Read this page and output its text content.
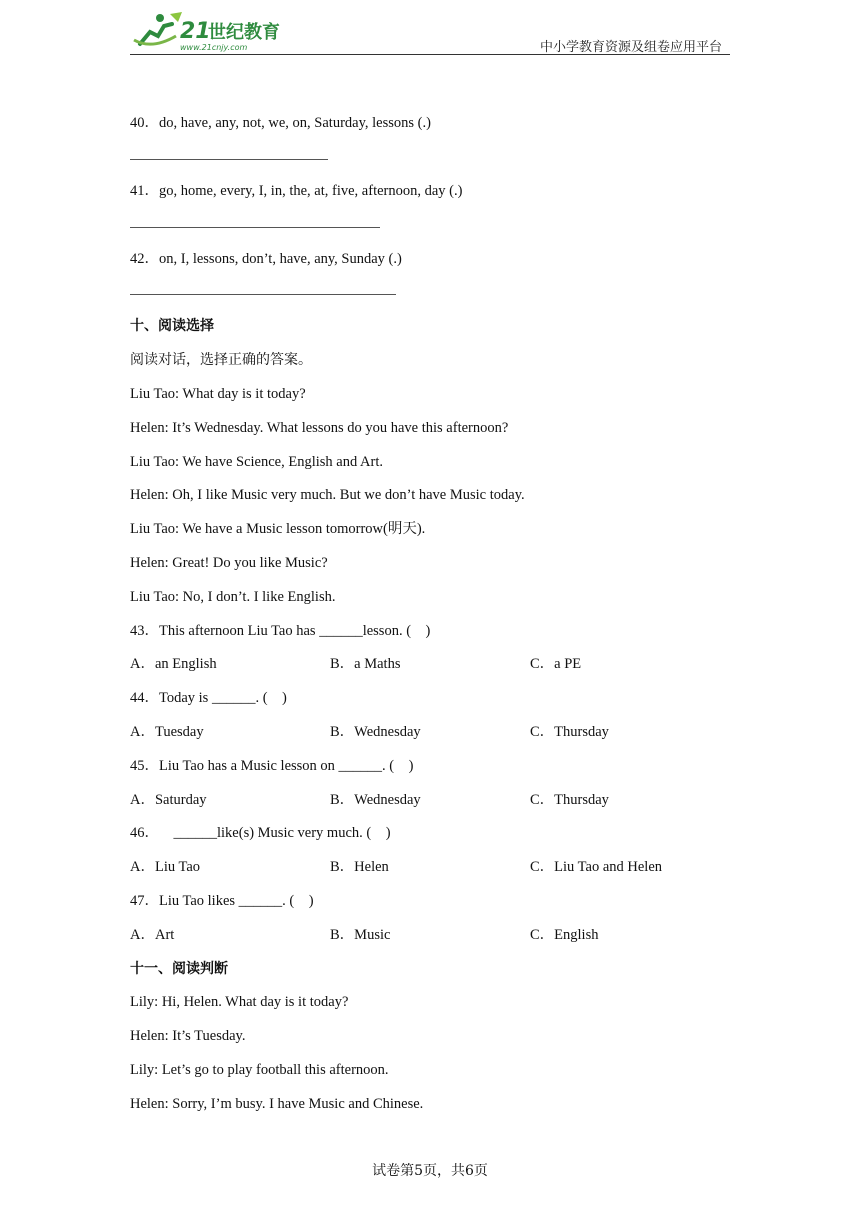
21
世纪教育
www.21cnjy.com	中小学教育资源及组卷应用平台
40．do, have, any, not, we, on, Saturday, lessons (.)
41．go, home, every, I, in, the, at, five, afternoon, day (.)
42．on, I, lessons, don’t, have, any, Sunday (.)
十、阅读选择
阅读对话，选择正确的答案。
Liu Tao: What day is it today?
Helen: It’s Wednesday. What lessons do you have this afternoon?
Liu Tao: We have Science, English and Art.
Helen: Oh, I like Music very much. But we don’t have Music today.
Liu Tao: We have a Music lesson tomorrow(明天).
Helen: Great! Do you like Music?
Liu Tao: No, I don’t. I like English.
43．This afternoon Liu Tao has ______lesson. (    )
A．an English	B．a Maths	C．a PE
44．Today is ______. (    )
A．Tuesday	B．Wednesday	C．Thursday
45．Liu Tao has a Music lesson on ______. (    )
A．Saturday	B．Wednesday	C．Thursday
46．    ______like(s) Music very much. (    )
A．Liu Tao	B．Helen	C．Liu Tao and Helen
47．Liu Tao likes ______. (    )
A．Art	B．Music	C．English
十一、阅读判断
Lily: Hi, Helen. What day is it today?
Helen: It’s Tuesday.
Lily: Let’s go to play football this afternoon.
Helen: Sorry, I’m busy. I have Music and Chinese.
试卷第5页，共6页
